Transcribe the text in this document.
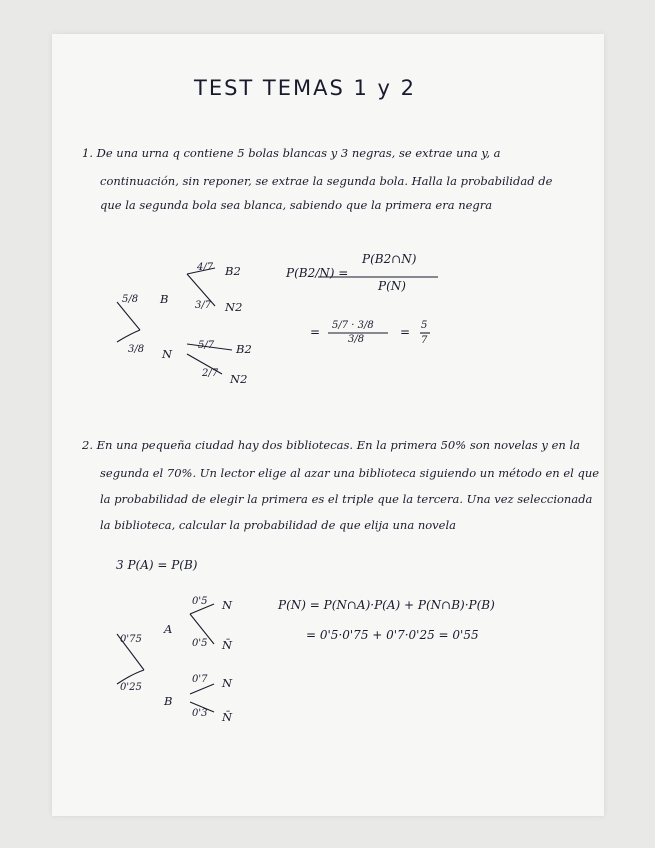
TEST TEMAS 1 y 2
1. De una urna q contiene 5 bolas blancas y 3 negras, se extrae una y, a
continuación, sin reponer, se extrae la segunda bola. Halla la probabilidad de
que la segunda bola sea blanca, sabiendo que la primera era negra
5/8 B
3/8 N
4/7 B2
3/7 N2
5/7 B2
2/7 N2
P(B2/N) =
P(B2∩N)
P(N)
= 5/7 · 3/8
3/8
= 5
7
2. En una pequeña ciudad hay dos bibliotecas. En la primera 50% son novelas y en la
segunda el 70%. Un lector elige al azar una biblioteca siguiendo un método en el que
la probabilidad de elegir la primera es el triple que la tercera. Una vez seleccionada
la biblioteca, calcular la probabilidad de que elija una novela
3 P(A) = P(B)
0'75
A
0'25
B
0'5 N
0'5 N̄
0'7 N
0'3 N̄
P(N) = P(N∩A)·P(A) + P(N∩B)·P(B)
= 0'5·0'75 + 0'7·0'25 = 0'55
